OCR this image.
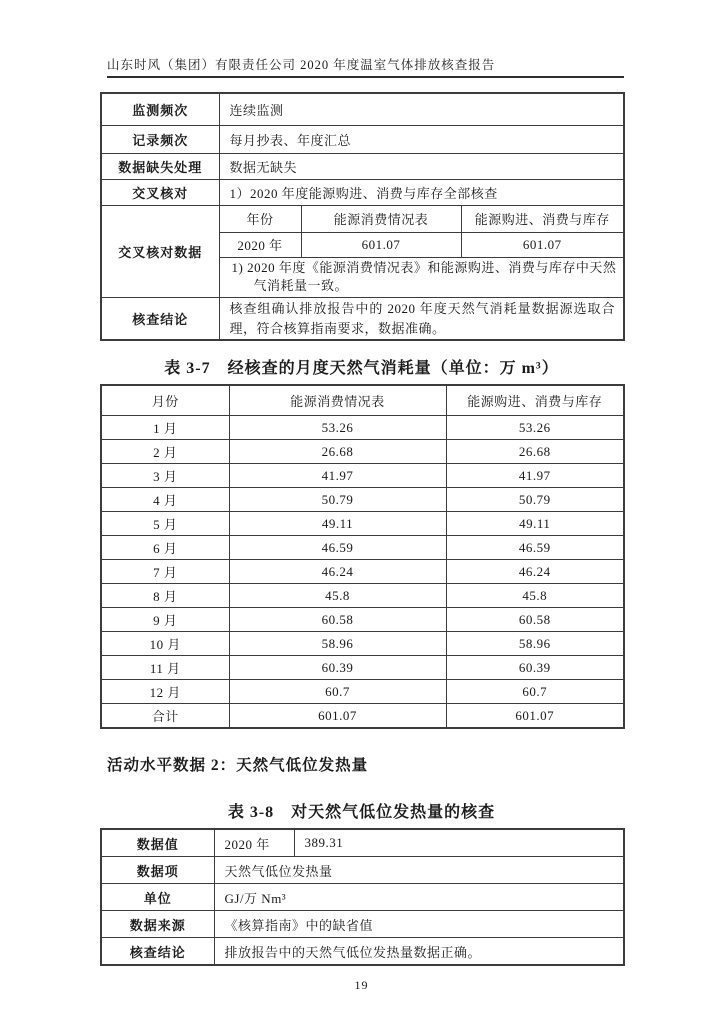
山东时风（集团）有限责任公司 2020 年度温室气体排放核查报告
监测频次	连续监测		
记录频次	每月抄表、年度汇总		
数据缺失处理	数据无缺失		
交叉核对	1）2020 年度能源购进、消费与库存全部核查		
交叉核对数据	年份	能源消费情况表	能源购进、消费与库存
	2020 年	601.07	601.07
	1) 2020 年度《能源消费情况表》和能源购进、消费与库存中天然气消耗量一致。		
核查结论	核查组确认排放报告中的 2020 年度天然气消耗量数据源选取合理，符合核算指南要求，数据准确。		
表 3-7　经核查的月度天然气消耗量（单位：万 m³）
月份	能源消费情况表	能源购进、消费与库存
1 月	53.26	53.26
2 月	26.68	26.68
3 月	41.97	41.97
4 月	50.79	50.79
5 月	49.11	49.11
6 月	46.59	46.59
7 月	46.24	46.24
8 月	45.8	45.8
9 月	60.58	60.58
10 月	58.96	58.96
11 月	60.39	60.39
12 月	60.7	60.7
合计	601.07	601.07
活动水平数据 2：天然气低位发热量
表 3-8　对天然气低位发热量的核查
数据值	2020 年	389.31
数据项	天然气低位发热量	
单位	GJ/万 Nm³	
数据来源	《核算指南》中的缺省值	
核查结论	排放报告中的天然气低位发热量数据正确。	
19
